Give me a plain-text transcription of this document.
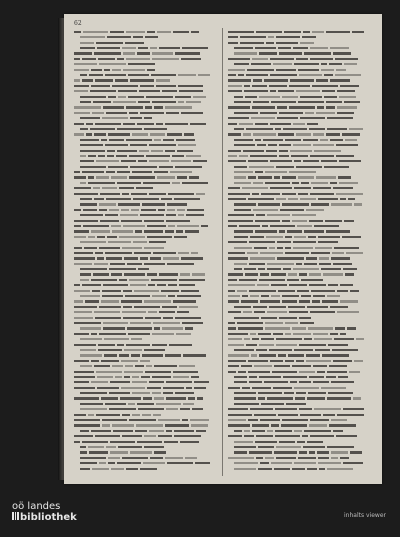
62
oö landes
bibliothek	inhalts viewer
